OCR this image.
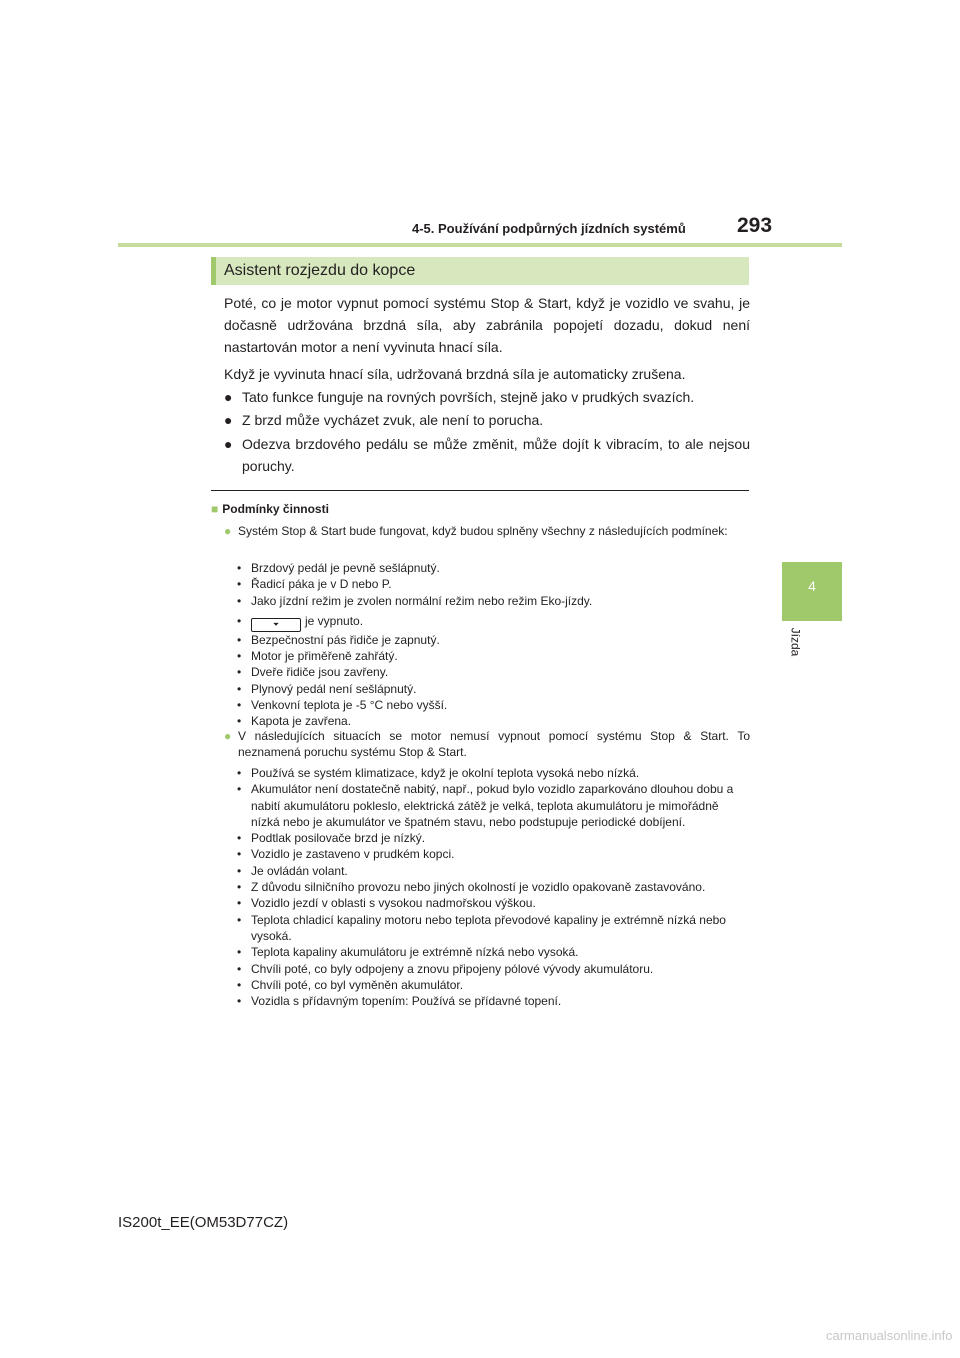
4-5. Používání podpůrných jízdních systémů 293
4
Jízda
Asistent rozjezdu do kopce
Poté, co je motor vypnut pomocí systému Stop & Start, když je vozidlo ve svahu, je dočasně udržována brzdná síla, aby zabránila popojetí dozadu, dokud není nastartován motor a není vyvinuta hnací síla.
Když je vyvinuta hnací síla, udržovaná brzdná síla je automaticky zrušena.
● Tato funkce funguje na rovných površích, stejně jako v prudkých svazích.
● Z brzd může vycházet zvuk, ale není to porucha.
● Odezva brzdového pedálu se může změnit, může dojít k vibracím, to ale nejsou poruchy.
■ Podmínky činnosti
● Systém Stop & Start bude fungovat, když budou splněny všechny z následujících podmínek:
• Brzdový pedál je pevně sešlápnutý.
• Řadicí páka je v D nebo P.
• Jako jízdní režim je zvolen normální režim nebo režim Eko-jízdy.
•	⏷ je vypnuto.
• Bezpečnostní pás řidiče je zapnutý.
• Motor je přiměřeně zahřátý.
• Dveře řidiče jsou zavřeny.
• Plynový pedál není sešlápnutý.
• Venkovní teplota je -5 °C nebo vyšší.
• Kapota je zavřena.
● V následujících situacích se motor nemusí vypnout pomocí systému Stop & Start. To neznamená poruchu systému Stop & Start.
• Používá se systém klimatizace, když je okolní teplota vysoká nebo nízká.
• Akumulátor není dostatečně nabitý, např., pokud bylo vozidlo zaparkováno dlouhou dobu a nabití akumulátoru pokleslo, elektrická zátěž je velká, teplota akumulátoru je mimořádně nízká nebo je akumulátor ve špatném stavu, nebo podstupuje periodické dobíjení.
• Podtlak posilovače brzd je nízký.
• Vozidlo je zastaveno v prudkém kopci.
• Je ovládán volant.
• Z důvodu silničního provozu nebo jiných okolností je vozidlo opakovaně zastavováno.
• Vozidlo jezdí v oblasti s vysokou nadmořskou výškou.
• Teplota chladicí kapaliny motoru nebo teplota převodové kapaliny je extrémně nízká nebo vysoká.
• Teplota kapaliny akumulátoru je extrémně nízká nebo vysoká.
• Chvíli poté, co byly odpojeny a znovu připojeny pólové vývody akumulátoru.
• Chvíli poté, co byl vyměněn akumulátor.
• Vozidla s přídavným topením: Používá se přídavné topení.
IS200t_EE(OM53D77CZ)
carmanualsonline.info
